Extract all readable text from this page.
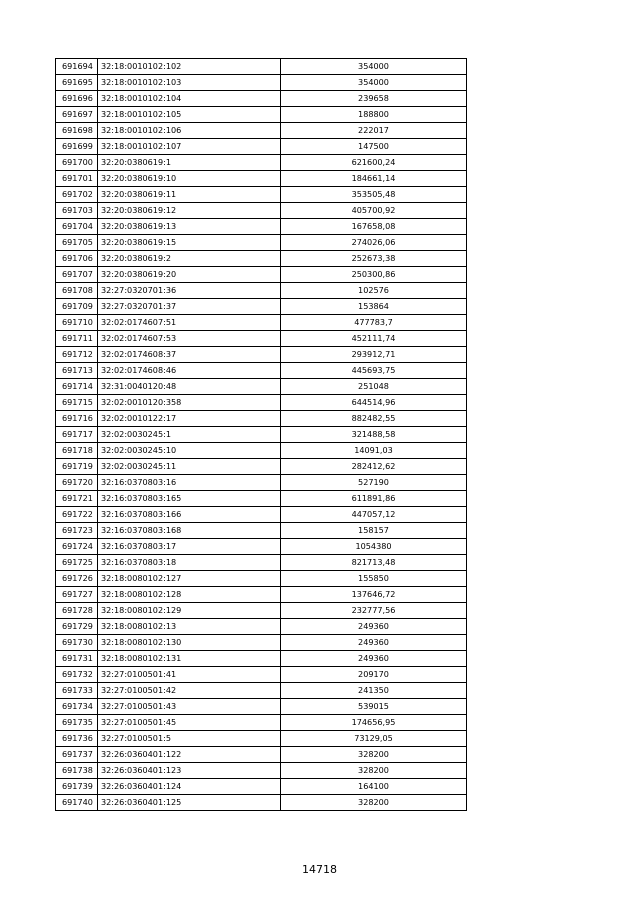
691694	32:18:0010102:102	354000
691695	32:18:0010102:103	354000
691696	32:18:0010102:104	239658
691697	32:18:0010102:105	188800
691698	32:18:0010102:106	222017
691699	32:18:0010102:107	147500
691700	32:20:0380619:1	621600,24
691701	32:20:0380619:10	184661,14
691702	32:20:0380619:11	353505,48
691703	32:20:0380619:12	405700,92
691704	32:20:0380619:13	167658,08
691705	32:20:0380619:15	274026,06
691706	32:20:0380619:2	252673,38
691707	32:20:0380619:20	250300,86
691708	32:27:0320701:36	102576
691709	32:27:0320701:37	153864
691710	32:02:0174607:51	477783,7
691711	32:02:0174607:53	452111,74
691712	32:02:0174608:37	293912,71
691713	32:02:0174608:46	445693,75
691714	32:31:0040120:48	251048
691715	32:02:0010120:358	644514,96
691716	32:02:0010122:17	882482,55
691717	32:02:0030245:1	321488,58
691718	32:02:0030245:10	14091,03
691719	32:02:0030245:11	282412,62
691720	32:16:0370803:16	527190
691721	32:16:0370803:165	611891,86
691722	32:16:0370803:166	447057,12
691723	32:16:0370803:168	158157
691724	32:16:0370803:17	1054380
691725	32:16:0370803:18	821713,48
691726	32:18:0080102:127	155850
691727	32:18:0080102:128	137646,72
691728	32:18:0080102:129	232777,56
691729	32:18:0080102:13	249360
691730	32:18:0080102:130	249360
691731	32:18:0080102:131	249360
691732	32:27:0100501:41	209170
691733	32:27:0100501:42	241350
691734	32:27:0100501:43	539015
691735	32:27:0100501:45	174656,95
691736	32:27:0100501:5	73129,05
691737	32:26:0360401:122	328200
691738	32:26:0360401:123	328200
691739	32:26:0360401:124	164100
691740	32:26:0360401:125	328200
14718
